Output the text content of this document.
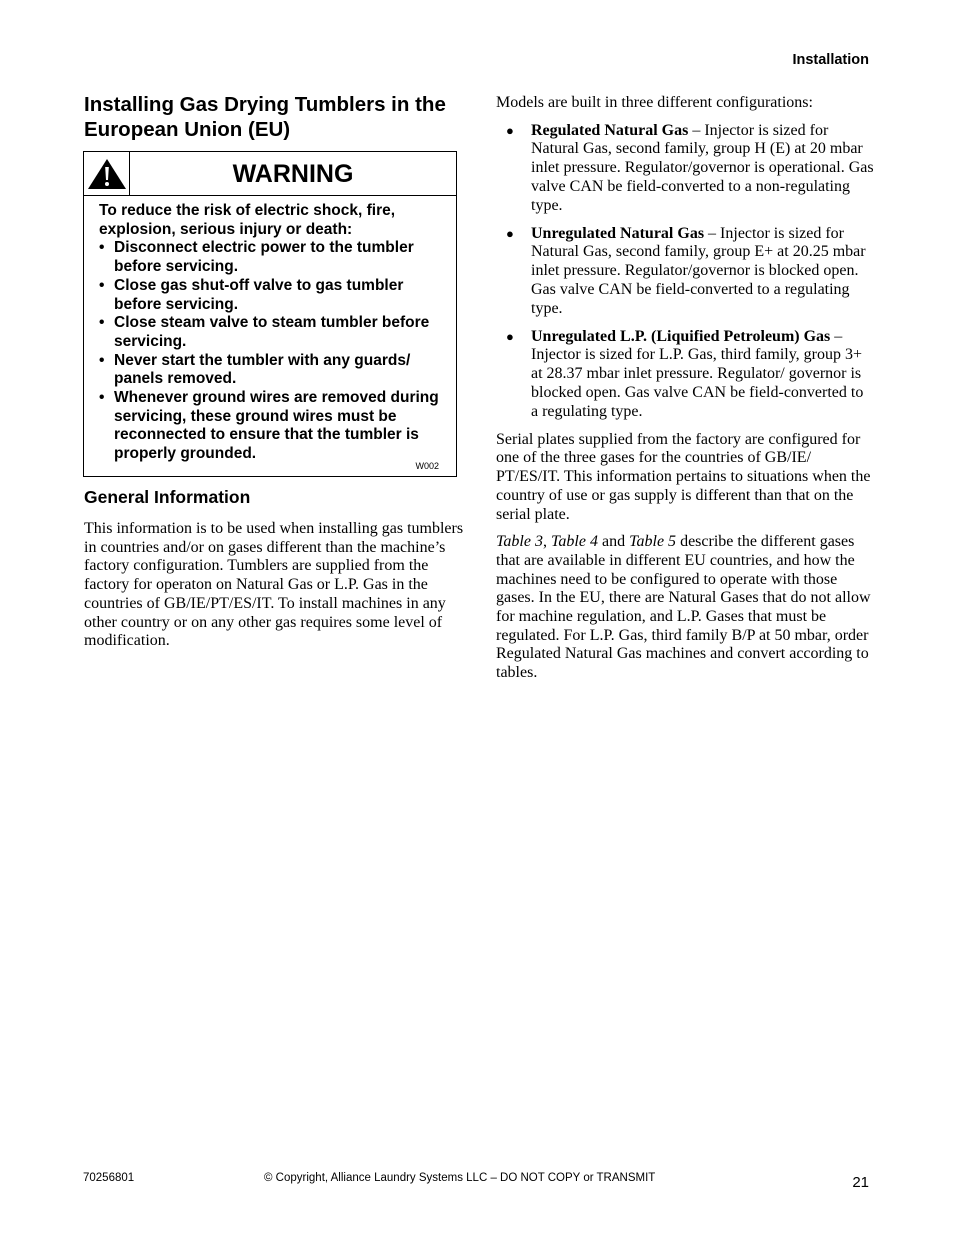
Installation
Installing Gas Drying Tumblers in the European Union (EU)
WARNING
To reduce the risk of electric shock, fire, explosion, serious injury or death:
• Disconnect electric power to the tumbler before servicing.
• Close gas shut-off valve to gas tumbler before servicing.
• Close steam valve to steam tumbler before servicing.
• Never start the tumbler with any guards/ panels removed.
• Whenever ground wires are removed during servicing, these ground wires must be reconnected to ensure that the tumbler is properly grounded.
W002
General Information

This information is to be used when installing gas tumblers in countries and/or on gases different than the machine’s factory configuration. Tumblers are supplied from the factory for operaton on Natural Gas or L.P. Gas in the countries of GB/IE/PT/ES/IT. To install machines in any other country or on any other gas requires some level of modification.

Models are built in three different configurations:

● Regulated Natural Gas – Injector is sized for Natural Gas, second family, group H (E) at 20 mbar inlet pressure. Regulator/governor is operational. Gas valve CAN be field-converted to a non-regulating type.
● Unregulated Natural Gas – Injector is sized for Natural Gas, second family, group E+ at 20.25 mbar inlet pressure. Regulator/governor is blocked open. Gas valve CAN be field-converted to a regulating type.
● Unregulated L.P. (Liquified Petroleum) Gas – Injector is sized for L.P. Gas, third family, group 3+ at 28.37 mbar inlet pressure. Regulator/ governor is blocked open. Gas valve CAN be field-converted to a regulating type.

Serial plates supplied from the factory are configured for one of the three gases for the countries of GB/IE/ PT/ES/IT. This information pertains to situations when the country of use or gas supply is different than that on the serial plate.

Table 3, Table 4 and Table 5 describe the different gases that are available in different EU countries, and how the machines need to be configured to operate with those gases. In the EU, there are Natural Gases that do not allow for machine regulation, and L.P. Gases that must be regulated. For L.P. Gas, third family B/P at 50 mbar, order Regulated Natural Gas machines and convert according to tables.

70256801	© Copyright, Alliance Laundry Systems LLC – DO NOT COPY or TRANSMIT	21
